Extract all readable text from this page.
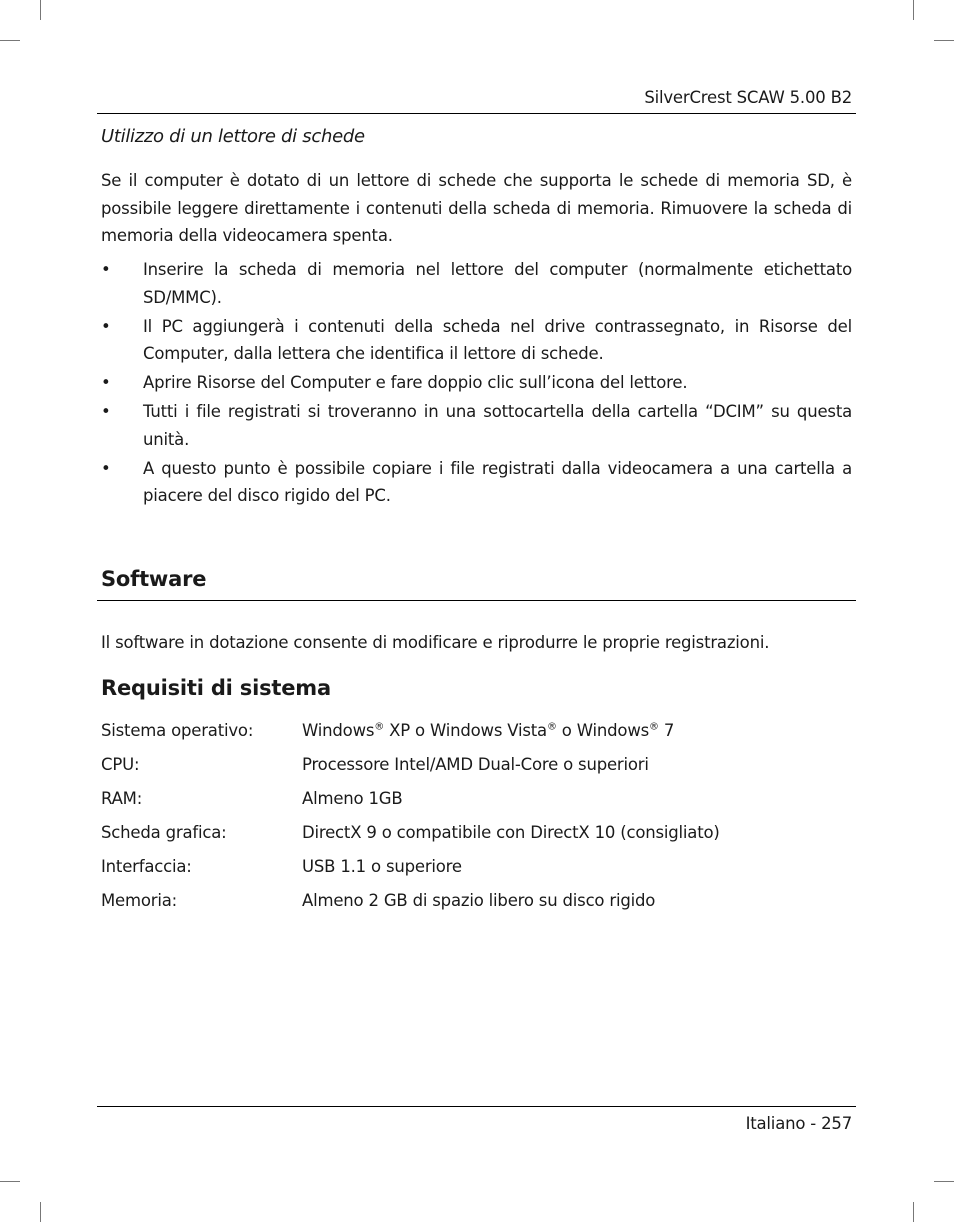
SilverCrest SCAW 5.00 B2
Utilizzo di un lettore di schede
Se il computer è dotato di un lettore di schede che supporta le schede di memoria SD, è possibile leggere direttamente i contenuti della scheda di memoria. Rimuovere la scheda di memoria della videocamera spenta.
• Inserire la scheda di memoria nel lettore del computer (normalmente etichettato SD/MMC).
• Il PC aggiungerà i contenuti della scheda nel drive contrassegnato, in Risorse del Computer, dalla lettera che identifica il lettore di schede.
• Aprire Risorse del Computer e fare doppio clic sull’icona del lettore.
• Tutti i file registrati si troveranno in una sottocartella della cartella “DCIM” su questa unità.
• A questo punto è possibile copiare i file registrati dalla videocamera a una cartella a piacere del disco rigido del PC.
Software
Il software in dotazione consente di modificare e riprodurre le proprie registrazioni.
Requisiti di sistema
Sistema operativo:	Windows® XP o Windows Vista® o Windows® 7
CPU:	Processore Intel/AMD Dual-Core o superiori
RAM:	Almeno 1GB
Scheda grafica:	DirectX 9 o compatibile con DirectX 10 (consigliato)
Interfaccia:	USB 1.1 o superiore
Memoria:	Almeno 2 GB di spazio libero su disco rigido
Italiano - 257
